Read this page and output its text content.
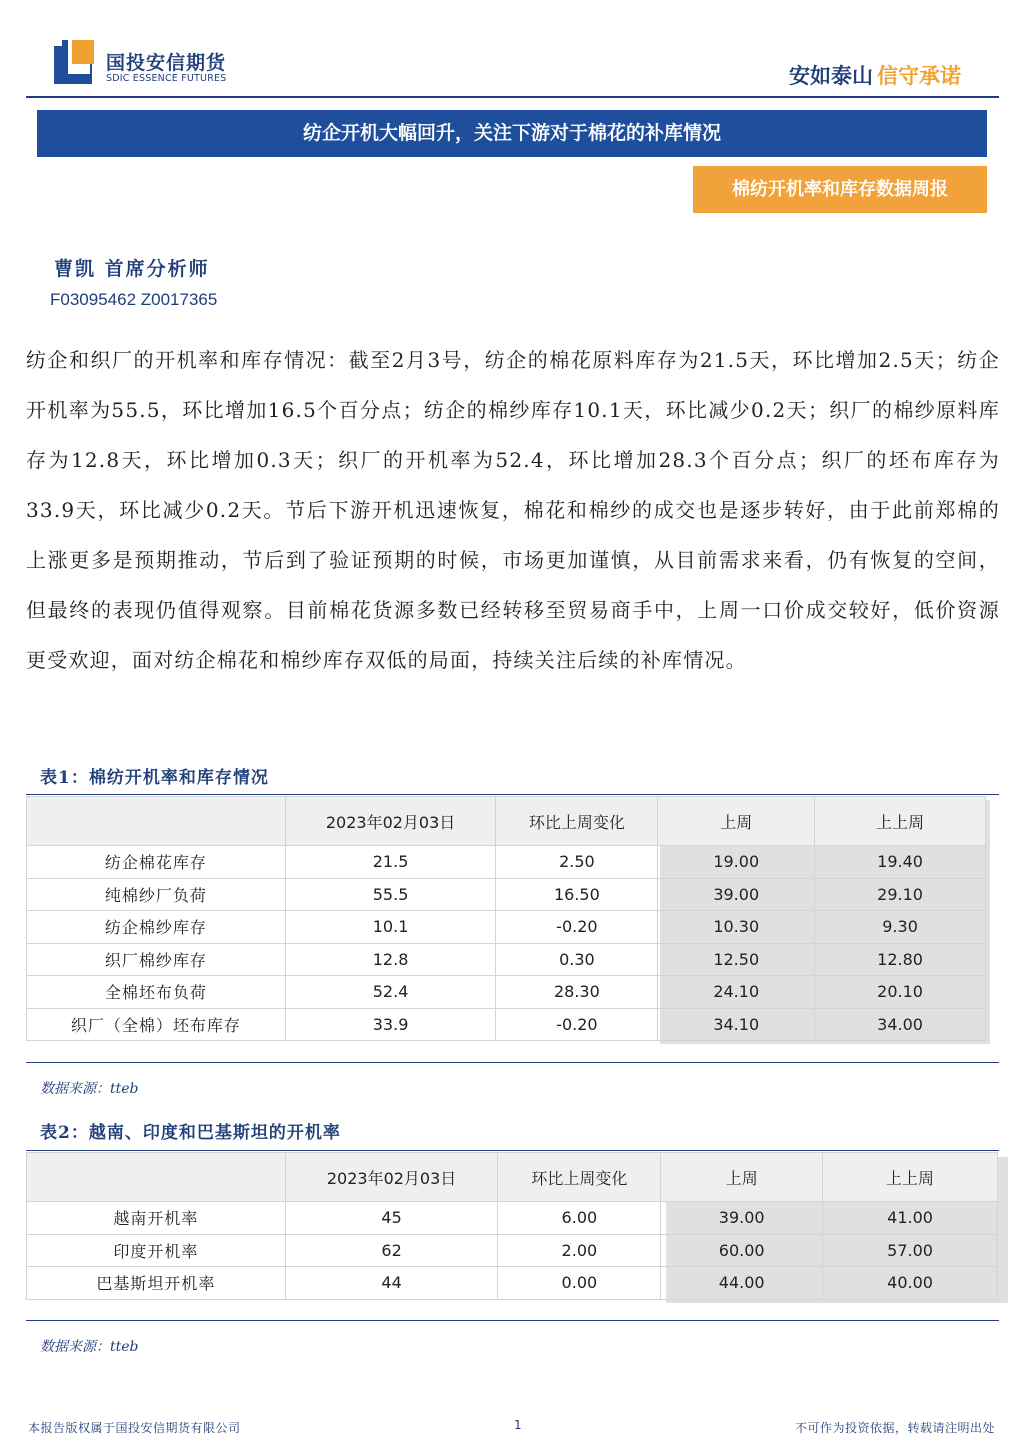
国投安信期货
SDIC ESSENCE FUTURES	安如泰山 信守承诺
纺企开机大幅回升，关注下游对于棉花的补库情况
棉纺开机率和库存数据周报
曹凯 首席分析师
F03095462 Z0017365
纺企和织厂的开机率和库存情况：截至2月3号，纺企的棉花原料库存为21.5天，环比增加2.5天；纺企开机率为55.5，环比增加16.5个百分点；纺企的棉纱库存10.1天，环比减少0.2天；织厂的棉纱原料库存为12.8天，环比增加0.3天；织厂的开机率为52.4，环比增加28.3个百分点；织厂的坯布库存为33.9天，环比减少0.2天。节后下游开机迅速恢复，棉花和棉纱的成交也是逐步转好，由于此前郑棉的上涨更多是预期推动，节后到了验证预期的时候，市场更加谨慎，从目前需求来看，仍有恢复的空间，但最终的表现仍值得观察。目前棉花货源多数已经转移至贸易商手中，上周一口价成交较好，低价资源更受欢迎，面对纺企棉花和棉纱库存双低的局面，持续关注后续的补库情况。
表1：棉纺开机率和库存情况
	2023年02月03日	环比上周变化	上周	上上周
纺企棉花库存	21.5	2.50	19.00	19.40
纯棉纱厂负荷	55.5	16.50	39.00	29.10
纺企棉纱库存	10.1	-0.20	10.30	9.30
织厂棉纱库存	12.8	0.30	12.50	12.80
全棉坯布负荷	52.4	28.30	24.10	20.10
织厂（全棉）坯布库存	33.9	-0.20	34.10	34.00
数据来源：tteb
表2：越南、印度和巴基斯坦的开机率
	2023年02月03日	环比上周变化	上周	上上周
越南开机率	45	6.00	39.00	41.00
印度开机率	62	2.00	60.00	57.00
巴基斯坦开机率	44	0.00	44.00	40.00
数据来源：tteb
本报告版权属于国投安信期货有限公司	1	不可作为投资依据，转载请注明出处
